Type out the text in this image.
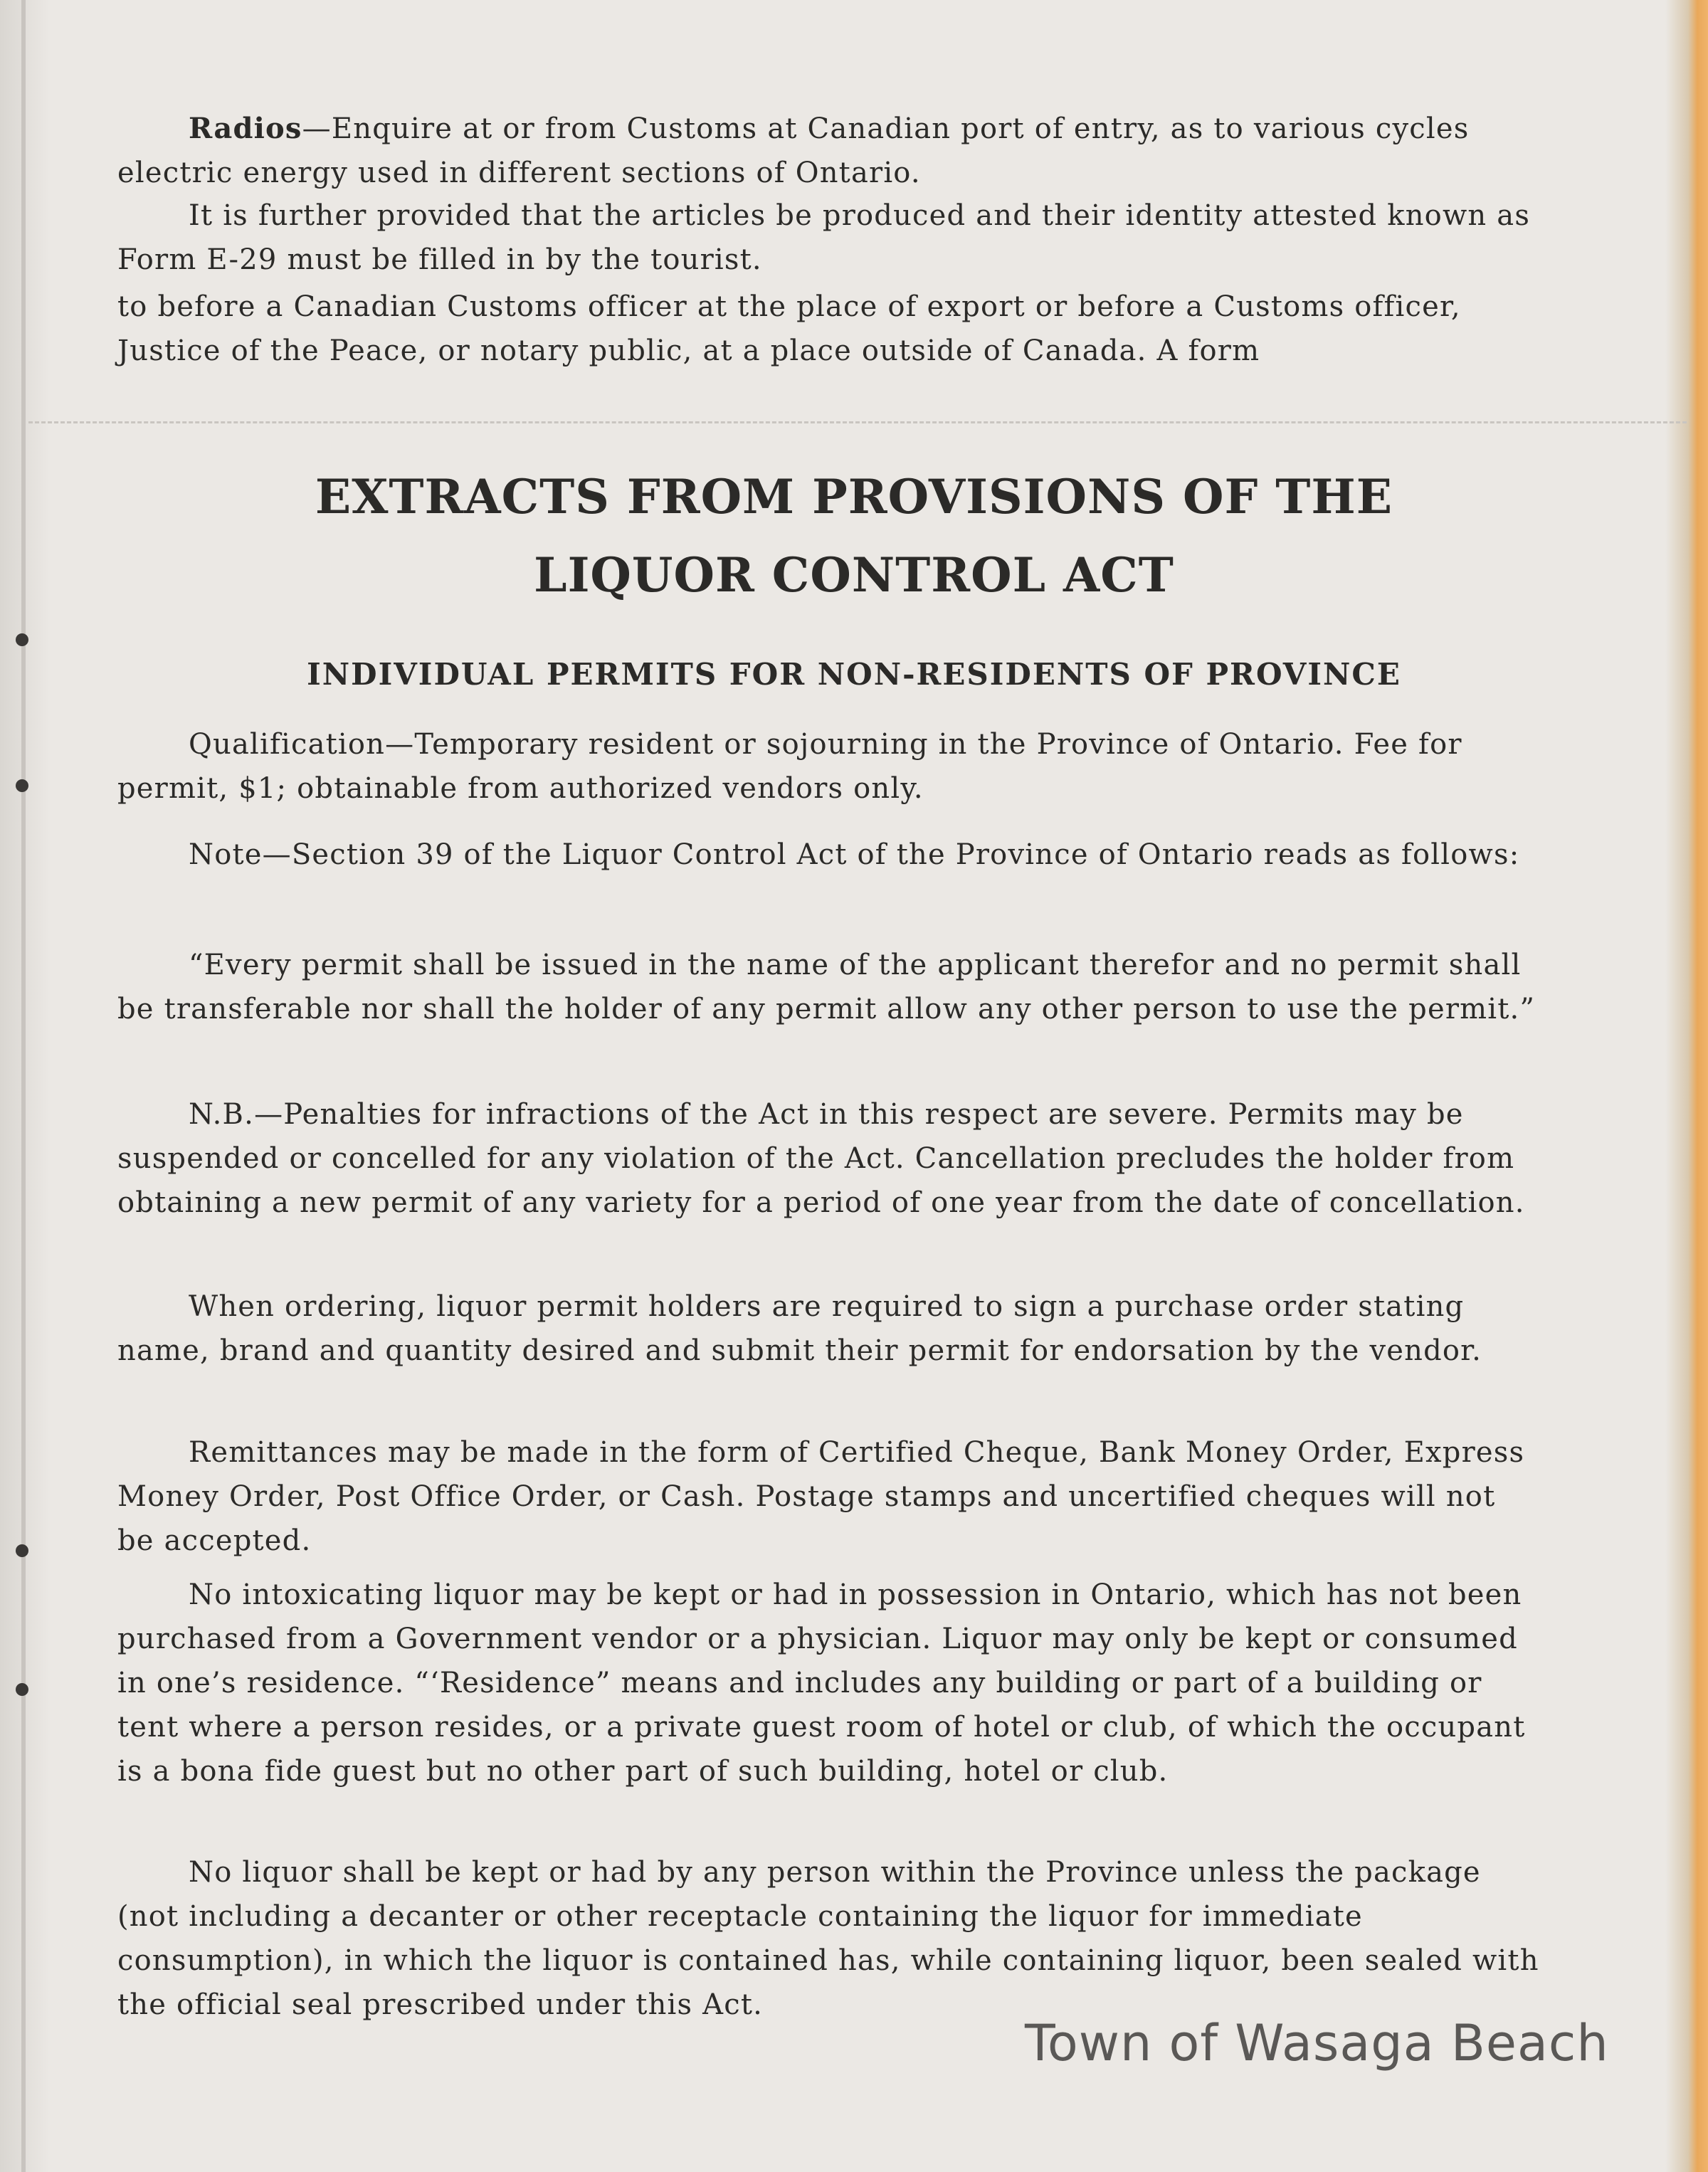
Radios—Enquire at or from Customs at Canadian port of entry, as to various cycles electric energy used in different sections of Ontario.

It is further provided that the articles be produced and their identity attested known as Form E-29 must be filled in by the tourist.

to before a Canadian Customs officer at the place of export or before a Customs officer, Justice of the Peace, or notary public, at a place outside of Canada. A form

EXTRACTS FROM PROVISIONS OF THE
LIQUOR CONTROL ACT
INDIVIDUAL PERMITS FOR NON-RESIDENTS OF PROVINCE

Qualification—Temporary resident or sojourning in the Province of Ontario. Fee for permit, $1; obtainable from authorized vendors only.

Note—Section 39 of the Liquor Control Act of the Province of Ontario reads as follows:

“Every permit shall be issued in the name of the applicant therefor and no permit shall be transferable nor shall the holder of any permit allow any other person to use the permit.”

N.B.—Penalties for infractions of the Act in this respect are severe. Permits may be suspended or concelled for any violation of the Act. Cancellation precludes the holder from obtaining a new permit of any variety for a period of one year from the date of concellation.

When ordering, liquor permit holders are required to sign a purchase order stating name, brand and quantity desired and submit their permit for endorsation by the vendor.

Remittances may be made in the form of Certified Cheque, Bank Money Order, Express Money Order, Post Office Order, or Cash. Postage stamps and uncertified cheques will not be accepted.

No intoxicating liquor may be kept or had in possession in Ontario, which has not been purchased from a Government vendor or a physician. Liquor may only be kept or consumed in one’s residence. “‘Residence” means and includes any building or part of a building or tent where a person resides, or a private guest room of hotel or club, of which the occupant is a bona fide guest but no other part of such building, hotel or club.

No liquor shall be kept or had by any person within the Province unless the package (not including a decanter or other receptacle containing the liquor for immediate consumption), in which the liquor is contained has, while containing liquor, been sealed with the official seal prescribed under this Act.

Town of Wasaga Beach
